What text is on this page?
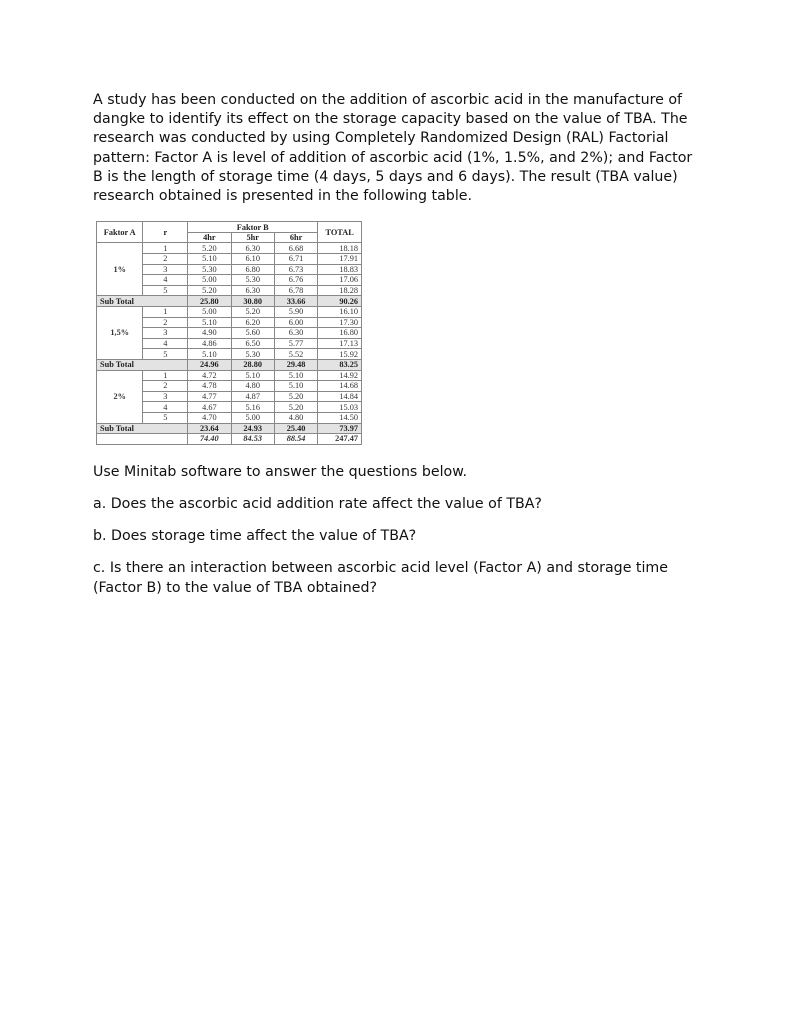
A study has been conducted on the addition of ascorbic acid in the manufacture of dangke to identify its effect on the storage capacity based on the value of TBA. The research was conducted by using Completely Randomized Design (RAL) Factorial pattern: Factor A is level of addition of ascorbic acid (1%, 1.5%, and 2%); and Factor B is the length of storage time (4 days, 5 days and 6 days). The result (TBA value) research obtained is presented in the following table.

Faktor A	r	Faktor B			TOTAL
		4hr	5hr	6hr	
1%	1	5.20	6.30	6.68	18.18
	2	5.10	6.10	6.71	17.91
	3	5.30	6.80	6.73	18.83
	4	5.00	5.30	6.76	17.06
	5	5.20	6.30	6.78	18.28
Sub Total		25.80	30.80	33.66	90.26
1,5%	1	5.00	5.20	5.90	16.10
	2	5.10	6.20	6.00	17.30
	3	4.90	5.60	6.30	16.80
	4	4.86	6.50	5.77	17.13
	5	5.10	5.30	5.52	15.92
Sub Total		24.96	28.80	29.48	83.25
2%	1	4.72	5.10	5.10	14.92
	2	4.78	4.80	5.10	14.68
	3	4.77	4.87	5.20	14.84
	4	4.67	5.16	5.20	15.03
	5	4.70	5.00	4.80	14.50
Sub Total		23.64	24.93	25.40	73.97
		74.40	84.53	88.54	247.47

Use Minitab software to answer the questions below.

a. Does the ascorbic acid addition rate affect the value of TBA?

b. Does storage time affect the value of TBA?

c. Is there an interaction between ascorbic acid level (Factor A) and storage time (Factor B) to the value of TBA obtained?
